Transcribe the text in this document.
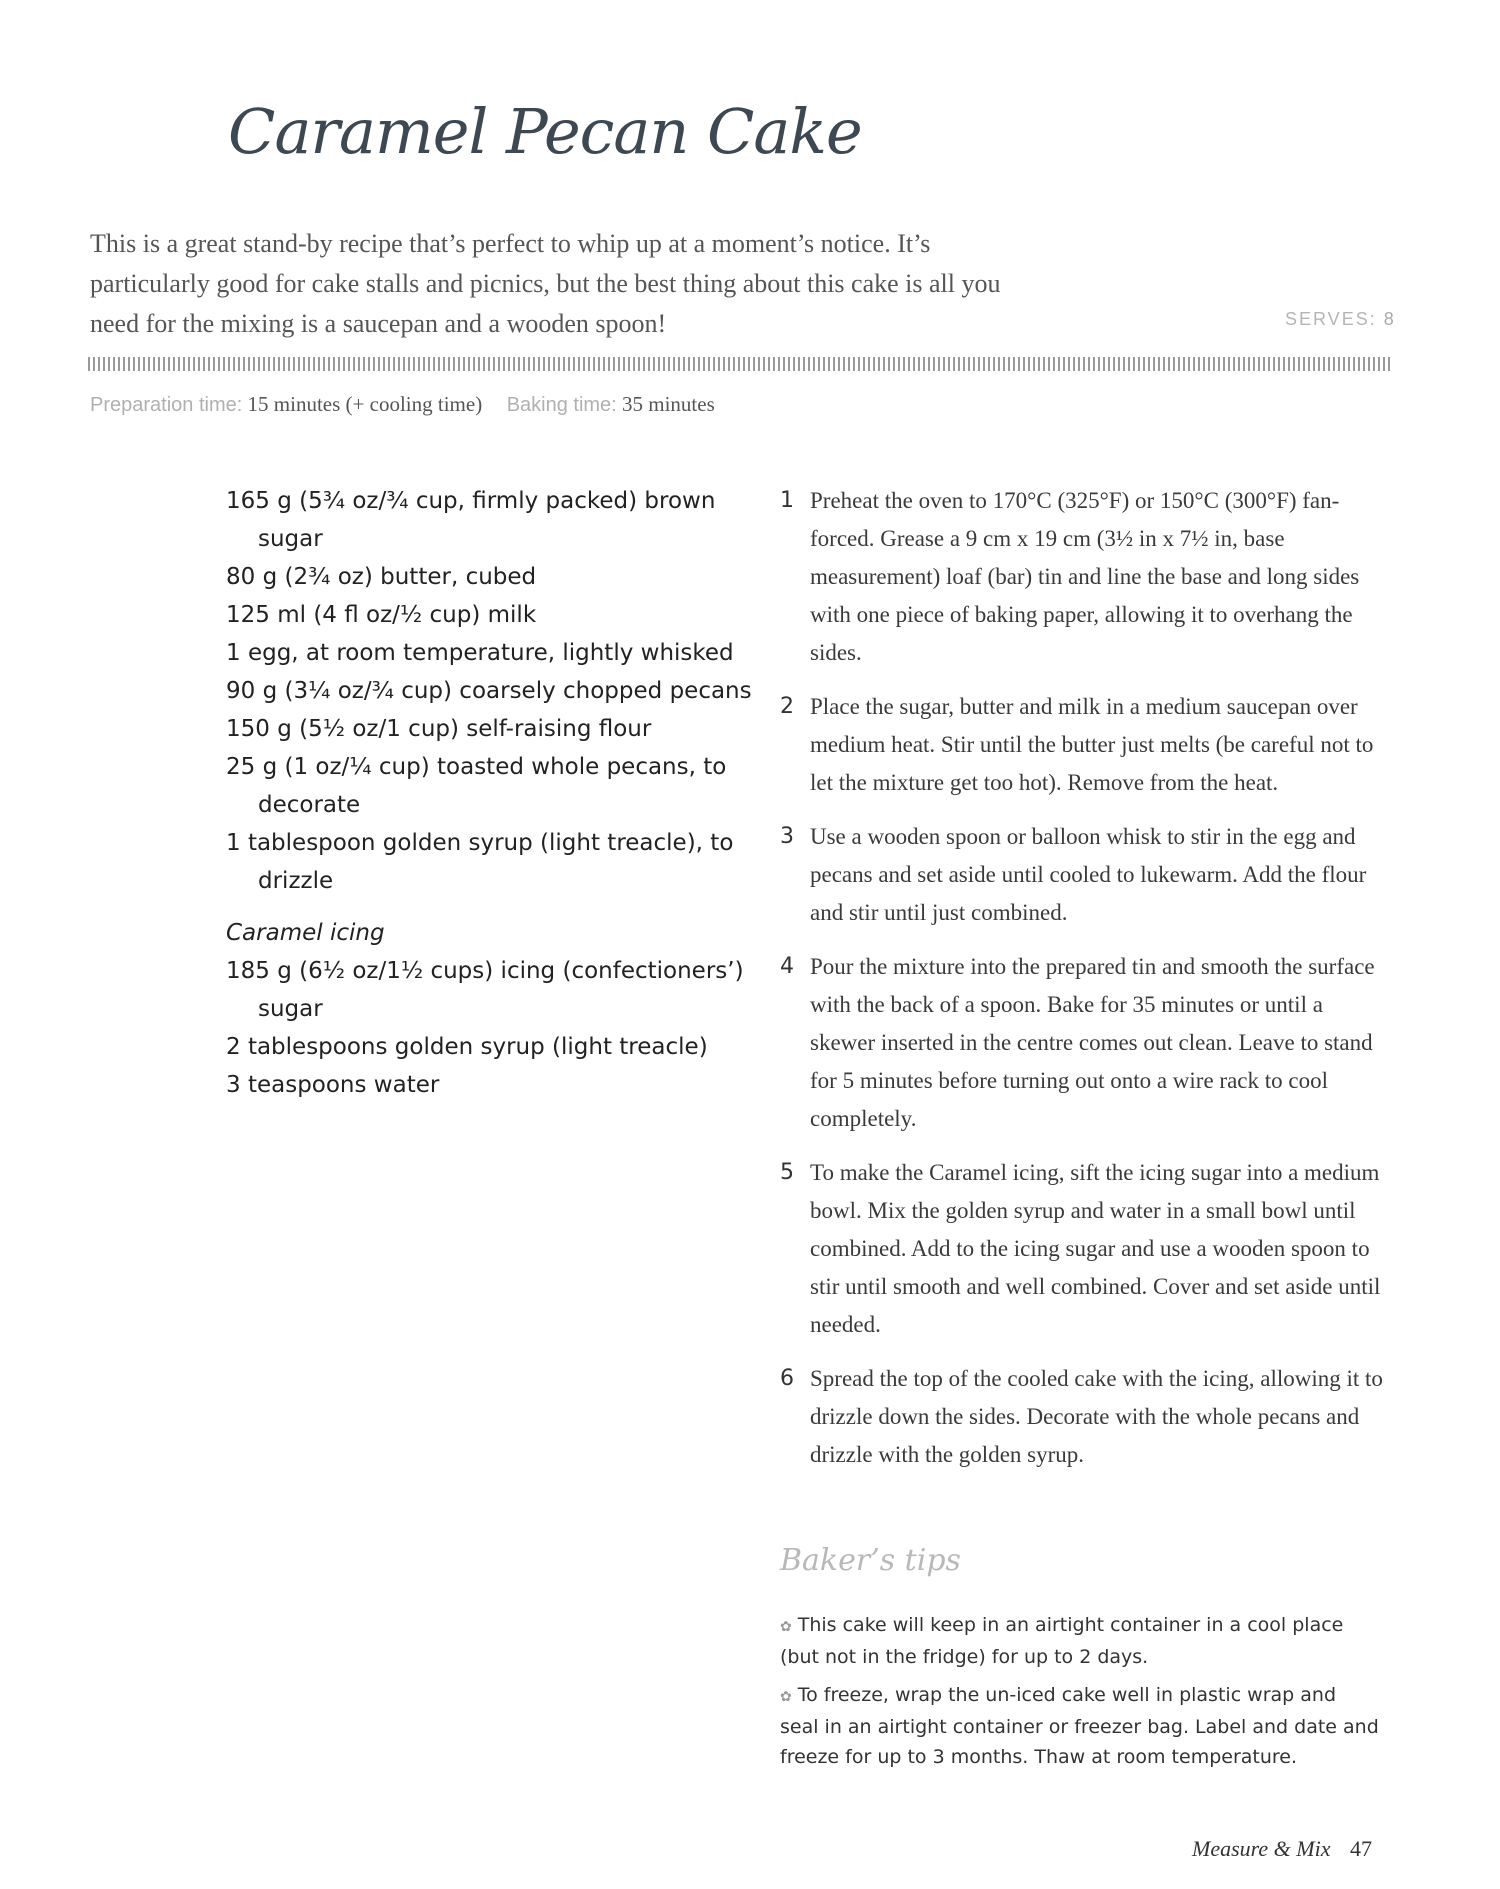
Caramel Pecan Cake

This is a great stand-by recipe that’s perfect to whip up at a moment’s notice. It’s particularly good for cake stalls and picnics, but the best thing about this cake is all you need for the mixing is a saucepan and a wooden spoon!	SERVES: 8
Preparation time: 15 minutes (+ cooling time) Baking time: 35 minutes

165 g (5¾ oz/¾ cup, firmly packed) brown sugar

80 g (2¾ oz) butter, cubed

125 ml (4 fl oz/½ cup) milk

1 egg, at room temperature, lightly whisked

90 g (3¼ oz/¾ cup) coarsely chopped pecans

150 g (5½ oz/1 cup) self-raising flour

25 g (1 oz/¼ cup) toasted whole pecans, to decorate

1 tablespoon golden syrup (light treacle), to drizzle

Caramel icing

185 g (6½ oz/1½ cups) icing (confectioners’) sugar

2 tablespoons golden syrup (light treacle)

3 teaspoons water

1 Preheat the oven to 170°C (325°F) or 150°C (300°F) fan-forced. Grease a 9 cm x 19 cm (3½ in x 7½ in, base measurement) loaf (bar) tin and line the base and long sides with one piece of baking paper, allowing it to overhang the sides.
2 Place the sugar, butter and milk in a medium saucepan over medium heat. Stir until the butter just melts (be careful not to let the mixture get too hot). Remove from the heat.
3 Use a wooden spoon or balloon whisk to stir in the egg and pecans and set aside until cooled to lukewarm. Add the flour and stir until just combined.
4 Pour the mixture into the prepared tin and smooth the surface with the back of a spoon. Bake for 35 minutes or until a skewer inserted in the centre comes out clean. Leave to stand for 5 minutes before turning out onto a wire rack to cool completely.
5 To make the Caramel icing, sift the icing sugar into a medium bowl. Mix the golden syrup and water in a small bowl until combined. Add to the icing sugar and use a wooden spoon to stir until smooth and well combined. Cover and set aside until needed.
6 Spread the top of the cooled cake with the icing, allowing it to drizzle down the sides. Decorate with the whole pecans and drizzle with the golden syrup.
Baker’s tips

✿ This cake will keep in an airtight container in a cool place (but not in the fridge) for up to 2 days.

✿ To freeze, wrap the un-iced cake well in plastic wrap and seal in an airtight container or freezer bag. Label and date and freeze for up to 3 months. Thaw at room temperature.

Measure & Mix 47
